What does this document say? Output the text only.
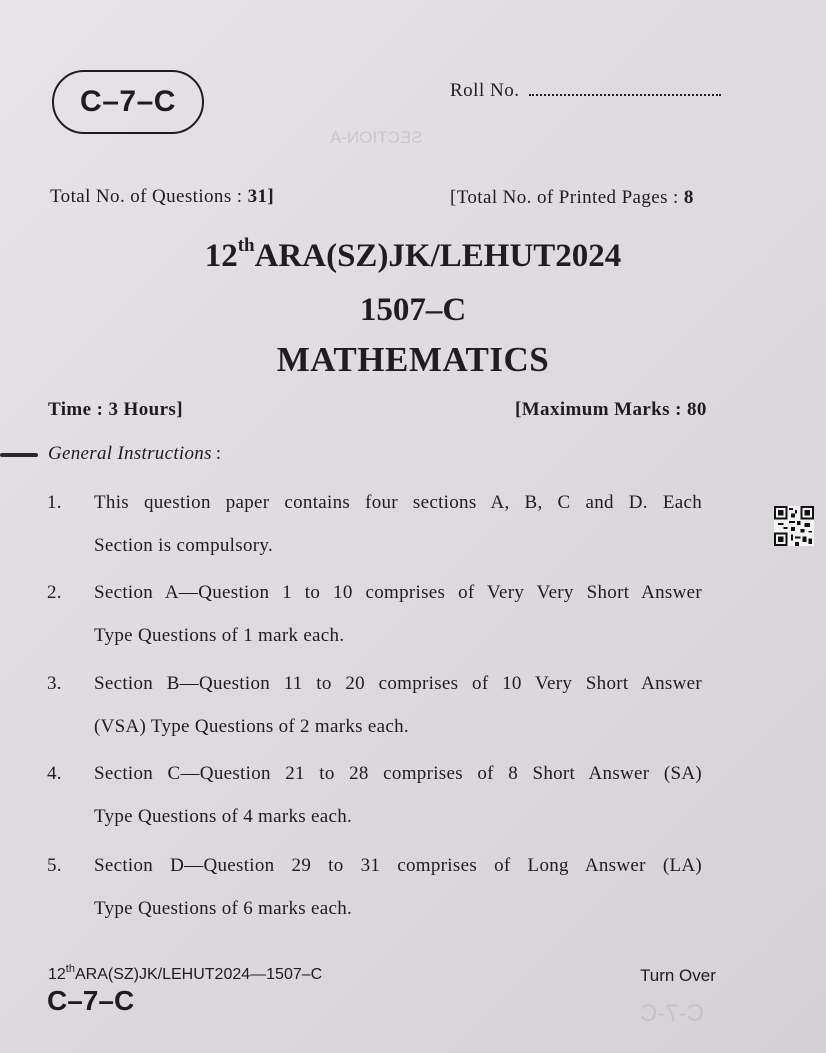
SECTION-A
C-7-C
C–7–C	Roll No.
Total No. of Questions : 31]	[Total No. of Printed Pages : 8
12thARA(SZ)JK/LEHUT2024
1507–C
MATHEMATICS
Time : 3 Hours]	[Maximum Marks : 80
General Instructions :
1. This question paper contains four sections A, B, C and D. Each
Section is compulsory.
2. Section A—Question 1 to 10 comprises of Very Very Short Answer
Type Questions of 1 mark each.
3. Section B—Question 11 to 20 comprises of 10 Very Short Answer
(VSA) Type Questions of 2 marks each.
4. Section C—Question 21 to 28 comprises of 8 Short Answer (SA)
Type Questions of 4 marks each.
5. Section D—Question 29 to 31 comprises of Long Answer (LA)
Type Questions of 6 marks each.
12thARA(SZ)JK/LEHUT2024—1507–C
C–7–C
Turn Over
